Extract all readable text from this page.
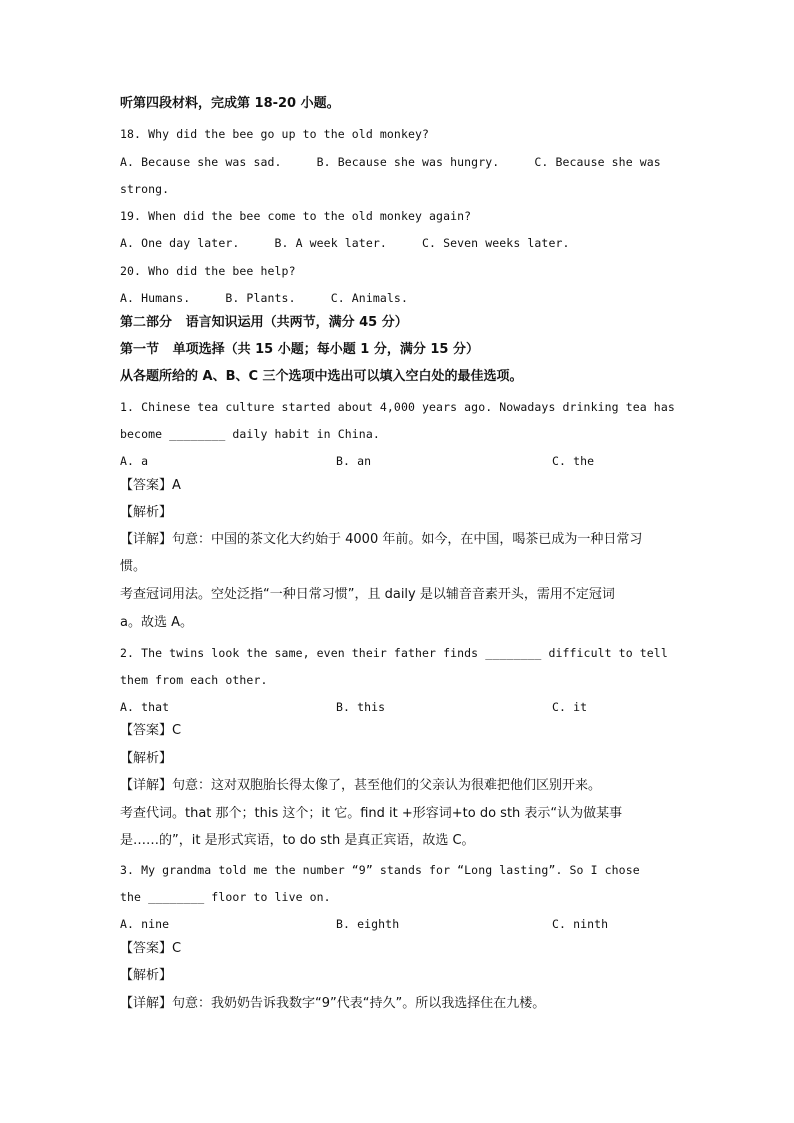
听第四段材料，完成第 18-20 小题。
18. Why did the bee go up to the old monkey?
A. Because she was sad.     B. Because she was hungry.     C. Because she was
strong.
19. When did the bee come to the old monkey again?
A. One day later.     B. A week later.     C. Seven weeks later.
20. Who did the bee help?
A. Humans.     B. Plants.     C. Animals.
第二部分   语言知识运用（共两节，满分 45 分）
第一节   单项选择（共 15 小题；每小题 1 分，满分 15 分）
从各题所给的 A、B、C 三个选项中选出可以填入空白处的最佳选项。
1. Chinese tea culture started about 4,000 years ago. Nowadays drinking tea has
become ________ daily habit in China.
A. a	B. an	C. the
【答案】A
【解析】
【详解】句意：中国的茶文化大约始于 4000 年前。如今，在中国，喝茶已成为一种日常习
惯。
考查冠词用法。空处泛指“一种日常习惯”，且 daily 是以辅音音素开头，需用不定冠词
a。故选 A。
2. The twins look the same, even their father finds ________ difficult to tell
them from each other.
A. that	B. this	C. it
【答案】C
【解析】
【详解】句意：这对双胞胎长得太像了，甚至他们的父亲认为很难把他们区别开来。
考查代词。that 那个；this 这个；it 它。find it +形容词+to do sth 表示“认为做某事
是……的”，it 是形式宾语，to do sth 是真正宾语，故选 C。
3. My grandma told me the number “9” stands for “Long lasting”. So I chose
the ________ floor to live on.
A. nine	B. eighth	C. ninth
【答案】C
【解析】
【详解】句意：我奶奶告诉我数字“9”代表“持久”。所以我选择住在九楼。
